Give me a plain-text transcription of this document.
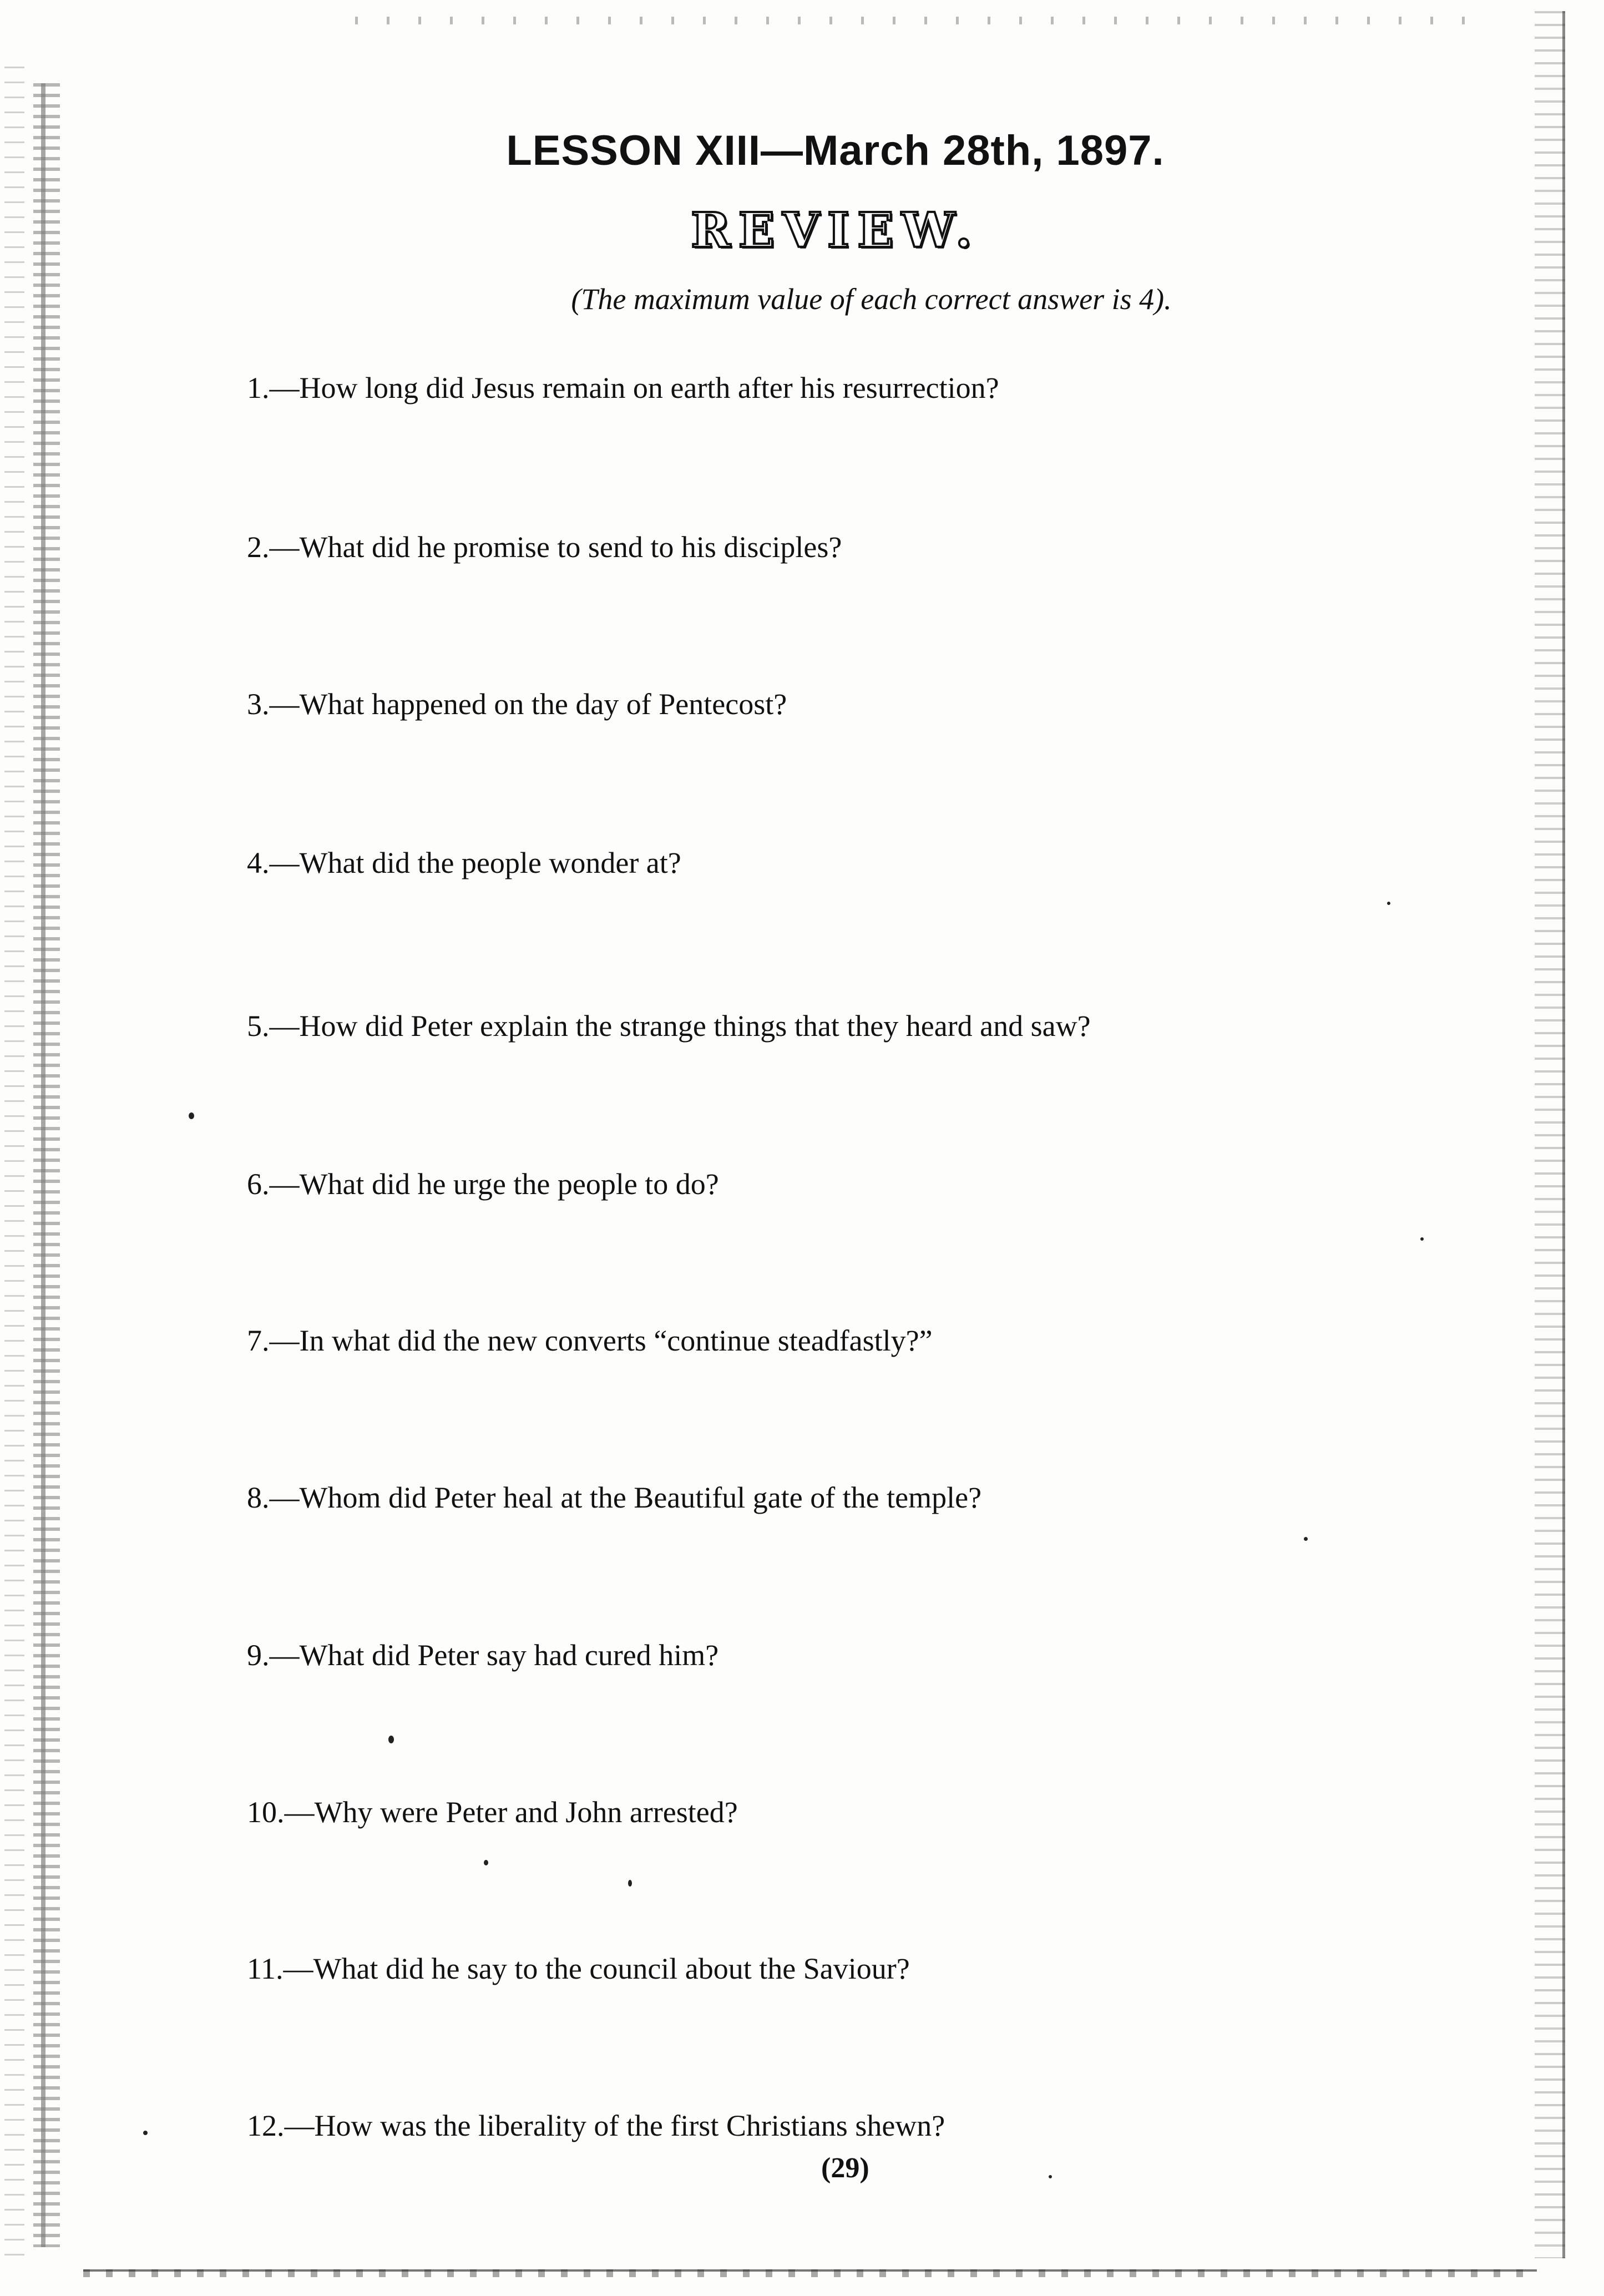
LESSON XIII—March 28th, 1897.
REVIEW.
(The maximum value of each correct answer is 4).
1.—How long did Jesus remain on earth after his resurrection?
2.—What did he promise to send to his disciples?
3.—What happened on the day of Pentecost?
4.—What did the people wonder at?
5.—How did Peter explain the strange things that they heard and saw?
6.—What did he urge the people to do?
7.—In what did the new converts “continue steadfastly?”
8.—Whom did Peter heal at the Beautiful gate of the temple?
9.—What did Peter say had cured him?
10.—Why were Peter and John arrested?
11.—What did he say to the council about the Saviour?
12.—How was the liberality of the first Christians shewn?
(29)
